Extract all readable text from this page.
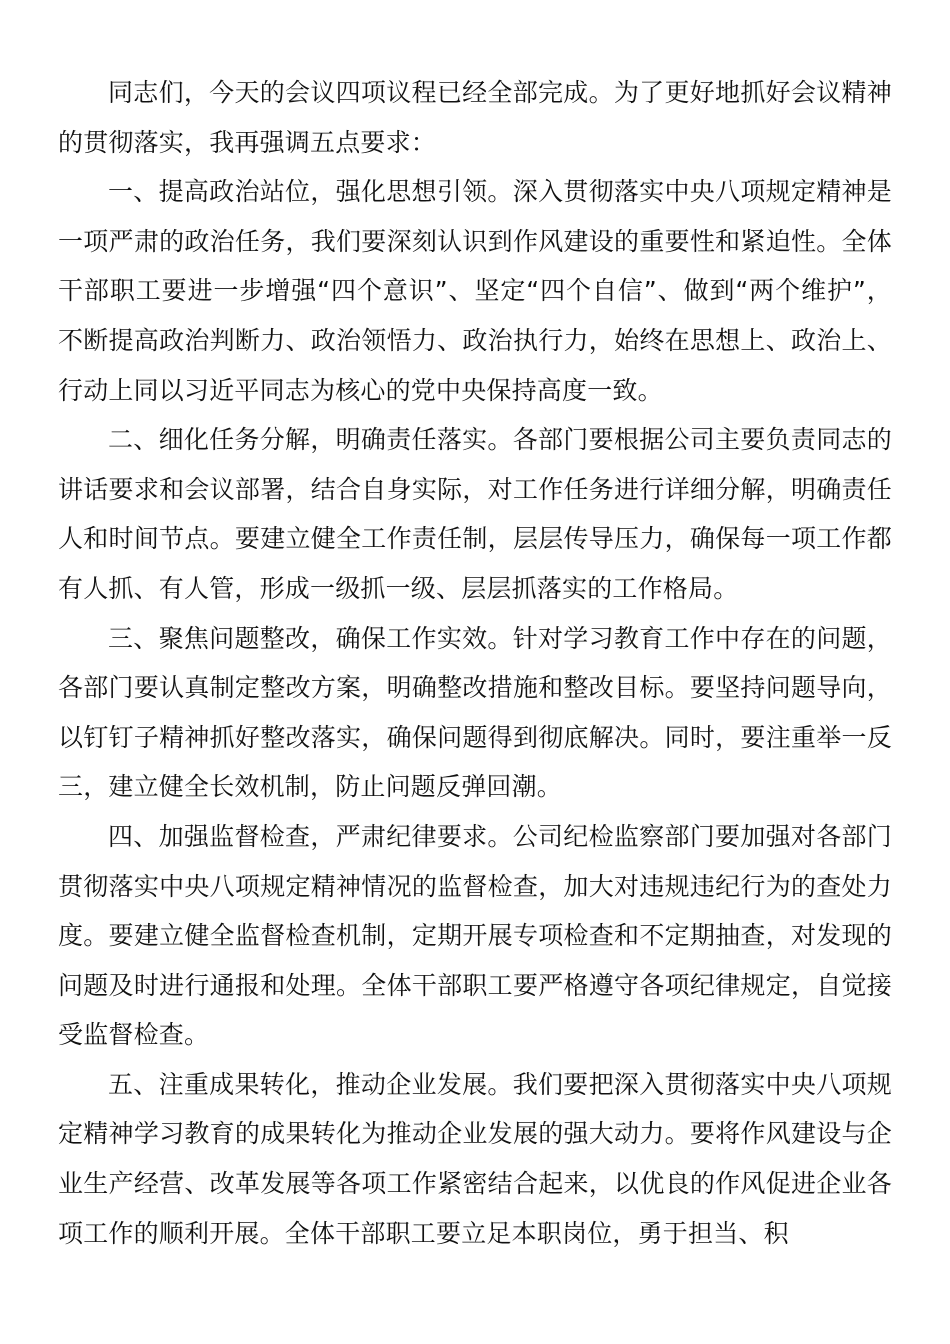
同志们，今天的会议四项议程已经全部完成。为了更好地抓好会议精神的贯彻落实，我再强调五点要求：

一、提高政治站位，强化思想引领。深入贯彻落实中央八项规定精神是一项严肃的政治任务，我们要深刻认识到作风建设的重要性和紧迫性。全体干部职工要进一步增强“四个意识”、坚定“四个自信”、做到“两个维护”，不断提高政治判断力、政治领悟力、政治执行力，始终在思想上、政治上、行动上同以习近平同志为核心的党中央保持高度一致。

二、细化任务分解，明确责任落实。各部门要根据公司主要负责同志的讲话要求和会议部署，结合自身实际，对工作任务进行详细分解，明确责任人和时间节点。要建立健全工作责任制，层层传导压力，确保每一项工作都有人抓、有人管，形成一级抓一级、层层抓落实的工作格局。

三、聚焦问题整改，确保工作实效。针对学习教育工作中存在的问题，各部门要认真制定整改方案，明确整改措施和整改目标。要坚持问题导向，以钉钉子精神抓好整改落实，确保问题得到彻底解决。同时，要注重举一反三，建立健全长效机制，防止问题反弹回潮。

四、加强监督检查，严肃纪律要求。公司纪检监察部门要加强对各部门贯彻落实中央八项规定精神情况的监督检查，加大对违规违纪行为的查处力度。要建立健全监督检查机制，定期开展专项检查和不定期抽查，对发现的问题及时进行通报和处理。全体干部职工要严格遵守各项纪律规定，自觉接受监督检查。

五、注重成果转化，推动企业发展。我们要把深入贯彻落实中央八项规定精神学习教育的成果转化为推动企业发展的强大动力。要将作风建设与企业生产经营、改革发展等各项工作紧密结合起来，以优良的作风促进企业各项工作的顺利开展。全体干部职工要立足本职岗位，勇于担当、积
